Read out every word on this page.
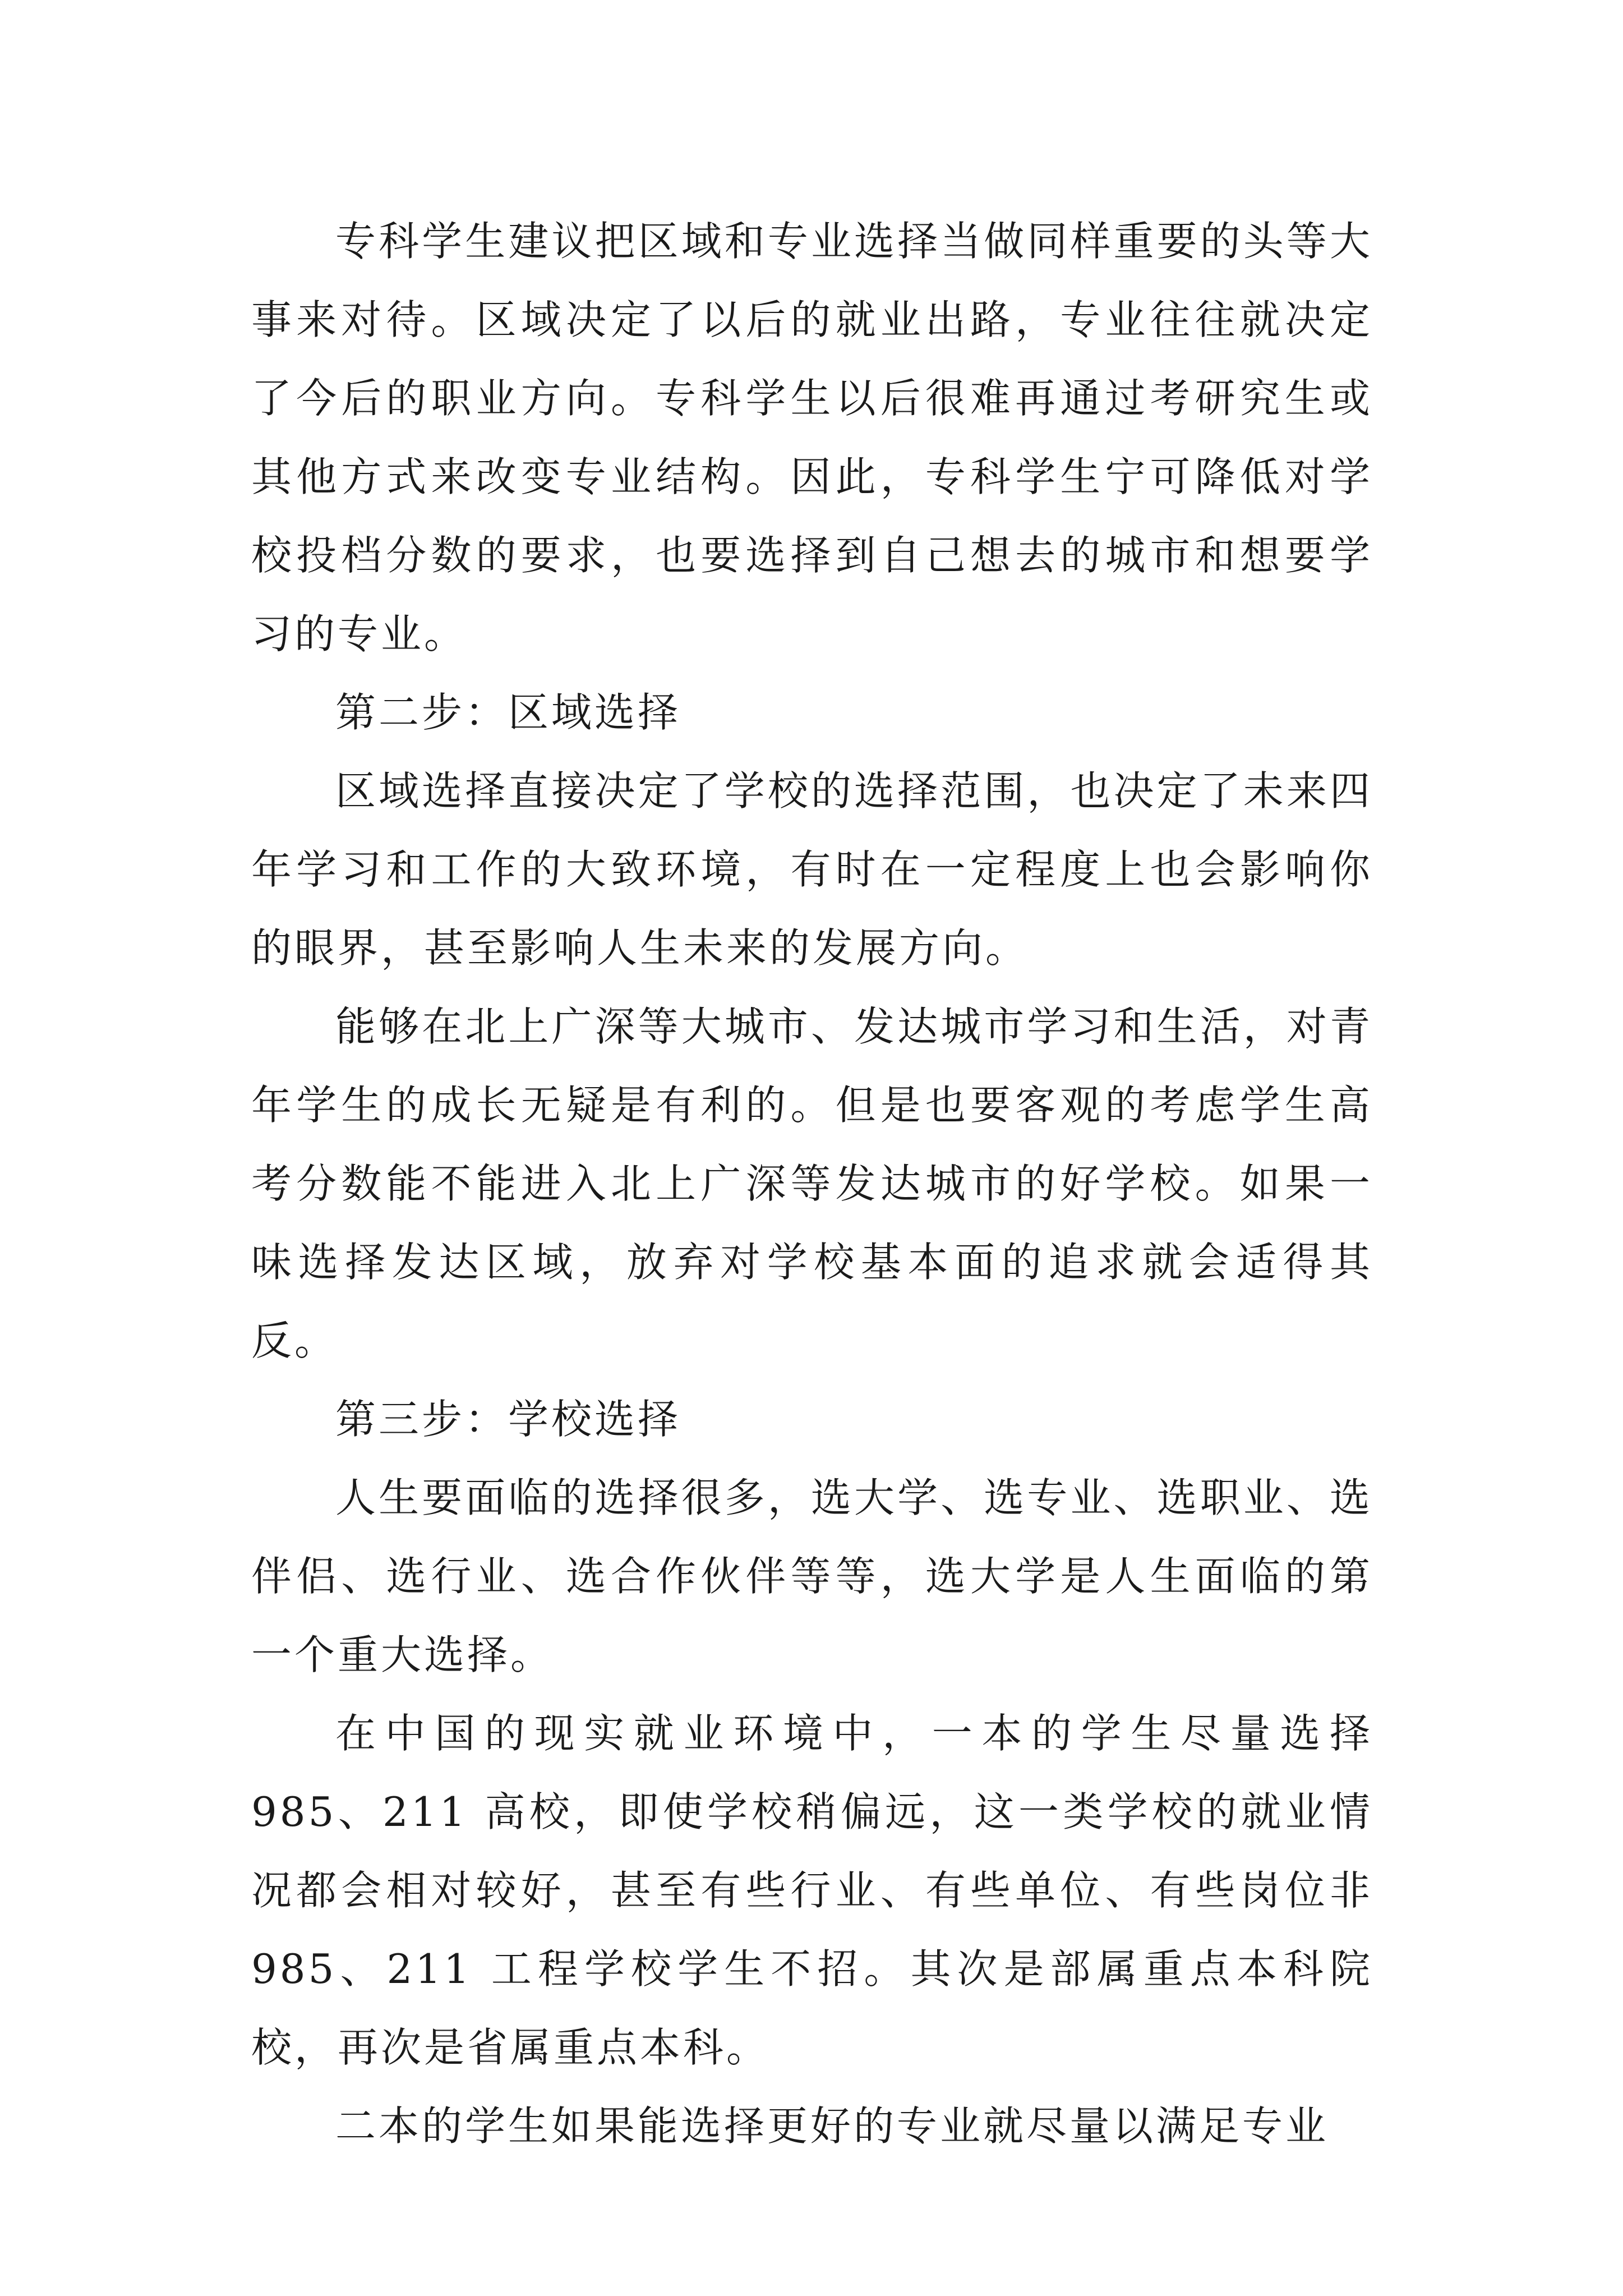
专科学生建议把区域和专业选择当做同样重要的头等大事来对待。区域决定了以后的就业出路，专业往往就决定了今后的职业方向。专科学生以后很难再通过考研究生或其他方式来改变专业结构。因此，专科学生宁可降低对学校投档分数的要求，也要选择到自己想去的城市和想要学习的专业。

第二步：区域选择

区域选择直接决定了学校的选择范围，也决定了未来四年学习和工作的大致环境，有时在一定程度上也会影响你的眼界，甚至影响人生未来的发展方向。

能够在北上广深等大城市、发达城市学习和生活，对青年学生的成长无疑是有利的。但是也要客观的考虑学生高考分数能不能进入北上广深等发达城市的好学校。如果一味选择发达区域，放弃对学校基本面的追求就会适得其反。

第三步：学校选择

人生要面临的选择很多，选大学、选专业、选职业、选伴侣、选行业、选合作伙伴等等，选大学是人生面临的第一个重大选择。

在中国的现实就业环境中，一本的学生尽量选择 985、211 高校，即使学校稍偏远，这一类学校的就业情况都会相对较好，甚至有些行业、有些单位、有些岗位非 985、211 工程学校学生不招。其次是部属重点本科院校，再次是省属重点本科。

二本的学生如果能选择更好的专业就尽量以满足专业
